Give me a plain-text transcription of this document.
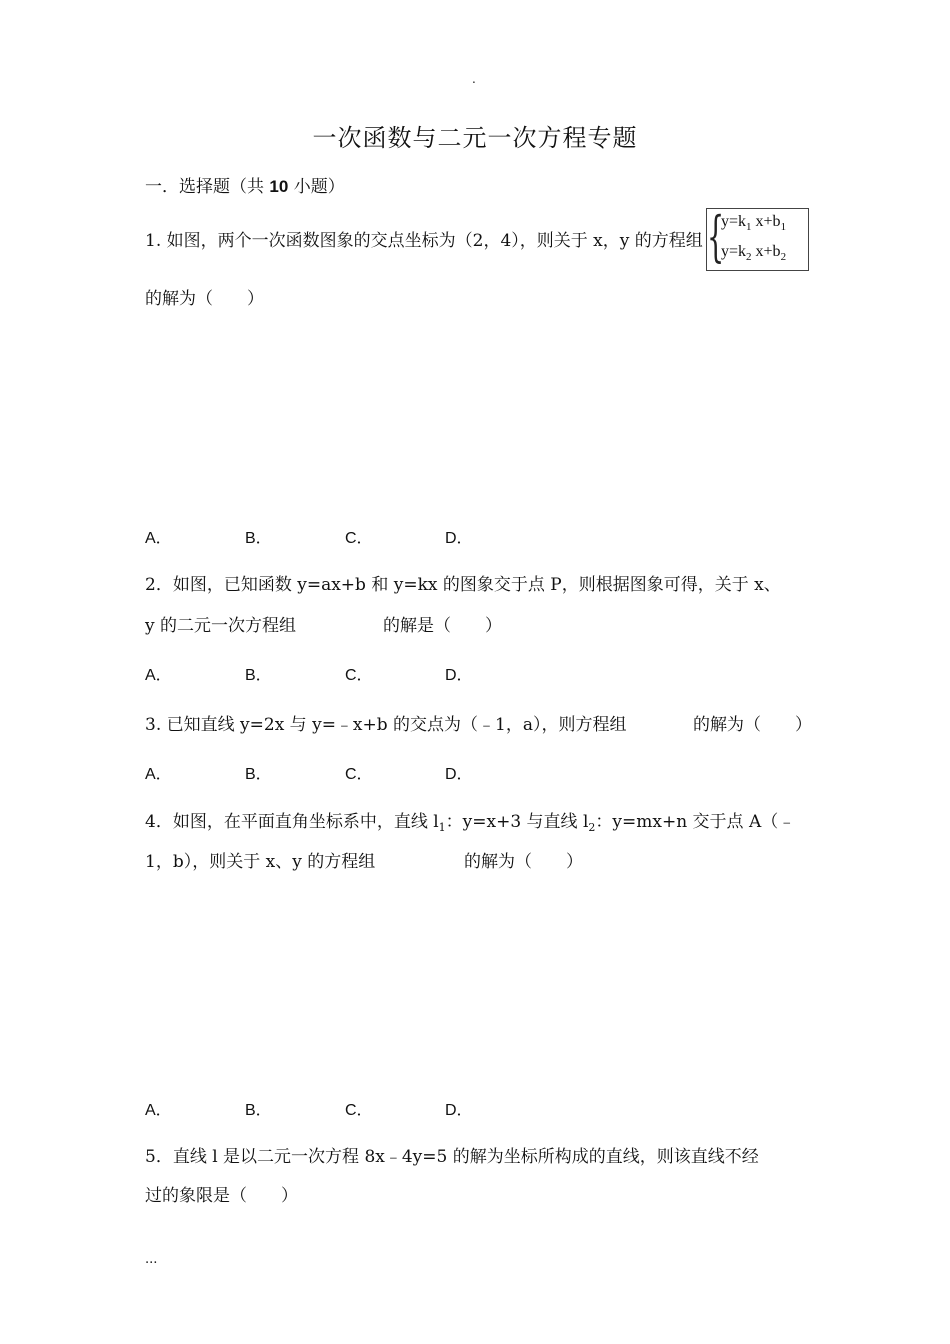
.
一次函数与二元一次方程专题
一．选择题（共 10 小题）
1. 如图，两个一次函数图象的交点坐标为（2，4），则关于 x，y 的方程组 {
$y=k_1$ $x+b_1$
$y=k_2$ $x+b_2$
的解为（　　）
A．	B．	C．	D．
2．如图，已知函数 y=ax+b 和 y=kx 的图象交于点 P，则根据图象可得，关于 x、
y 的二元一次方程组	的解是（　　）
A．	B．	C．	D．
3. 已知直线 y=2x 与 y=﹣x+b 的交点为（﹣1，a），则方程组	的解为（　　）
A．	B．	C．	D．
4．如图，在平面直角坐标系中，直线 $l_1$：y=x+3 与直线 $l_2$：y=mx+n 交于点 A（﹣
1，b），则关于 x、y 的方程组	的解为（　　）
A．	B．	C．	D．
5．直线 l 是以二元一次方程 8x﹣4y=5 的解为坐标所构成的直线，则该直线不经
过的象限是（　　）
...
